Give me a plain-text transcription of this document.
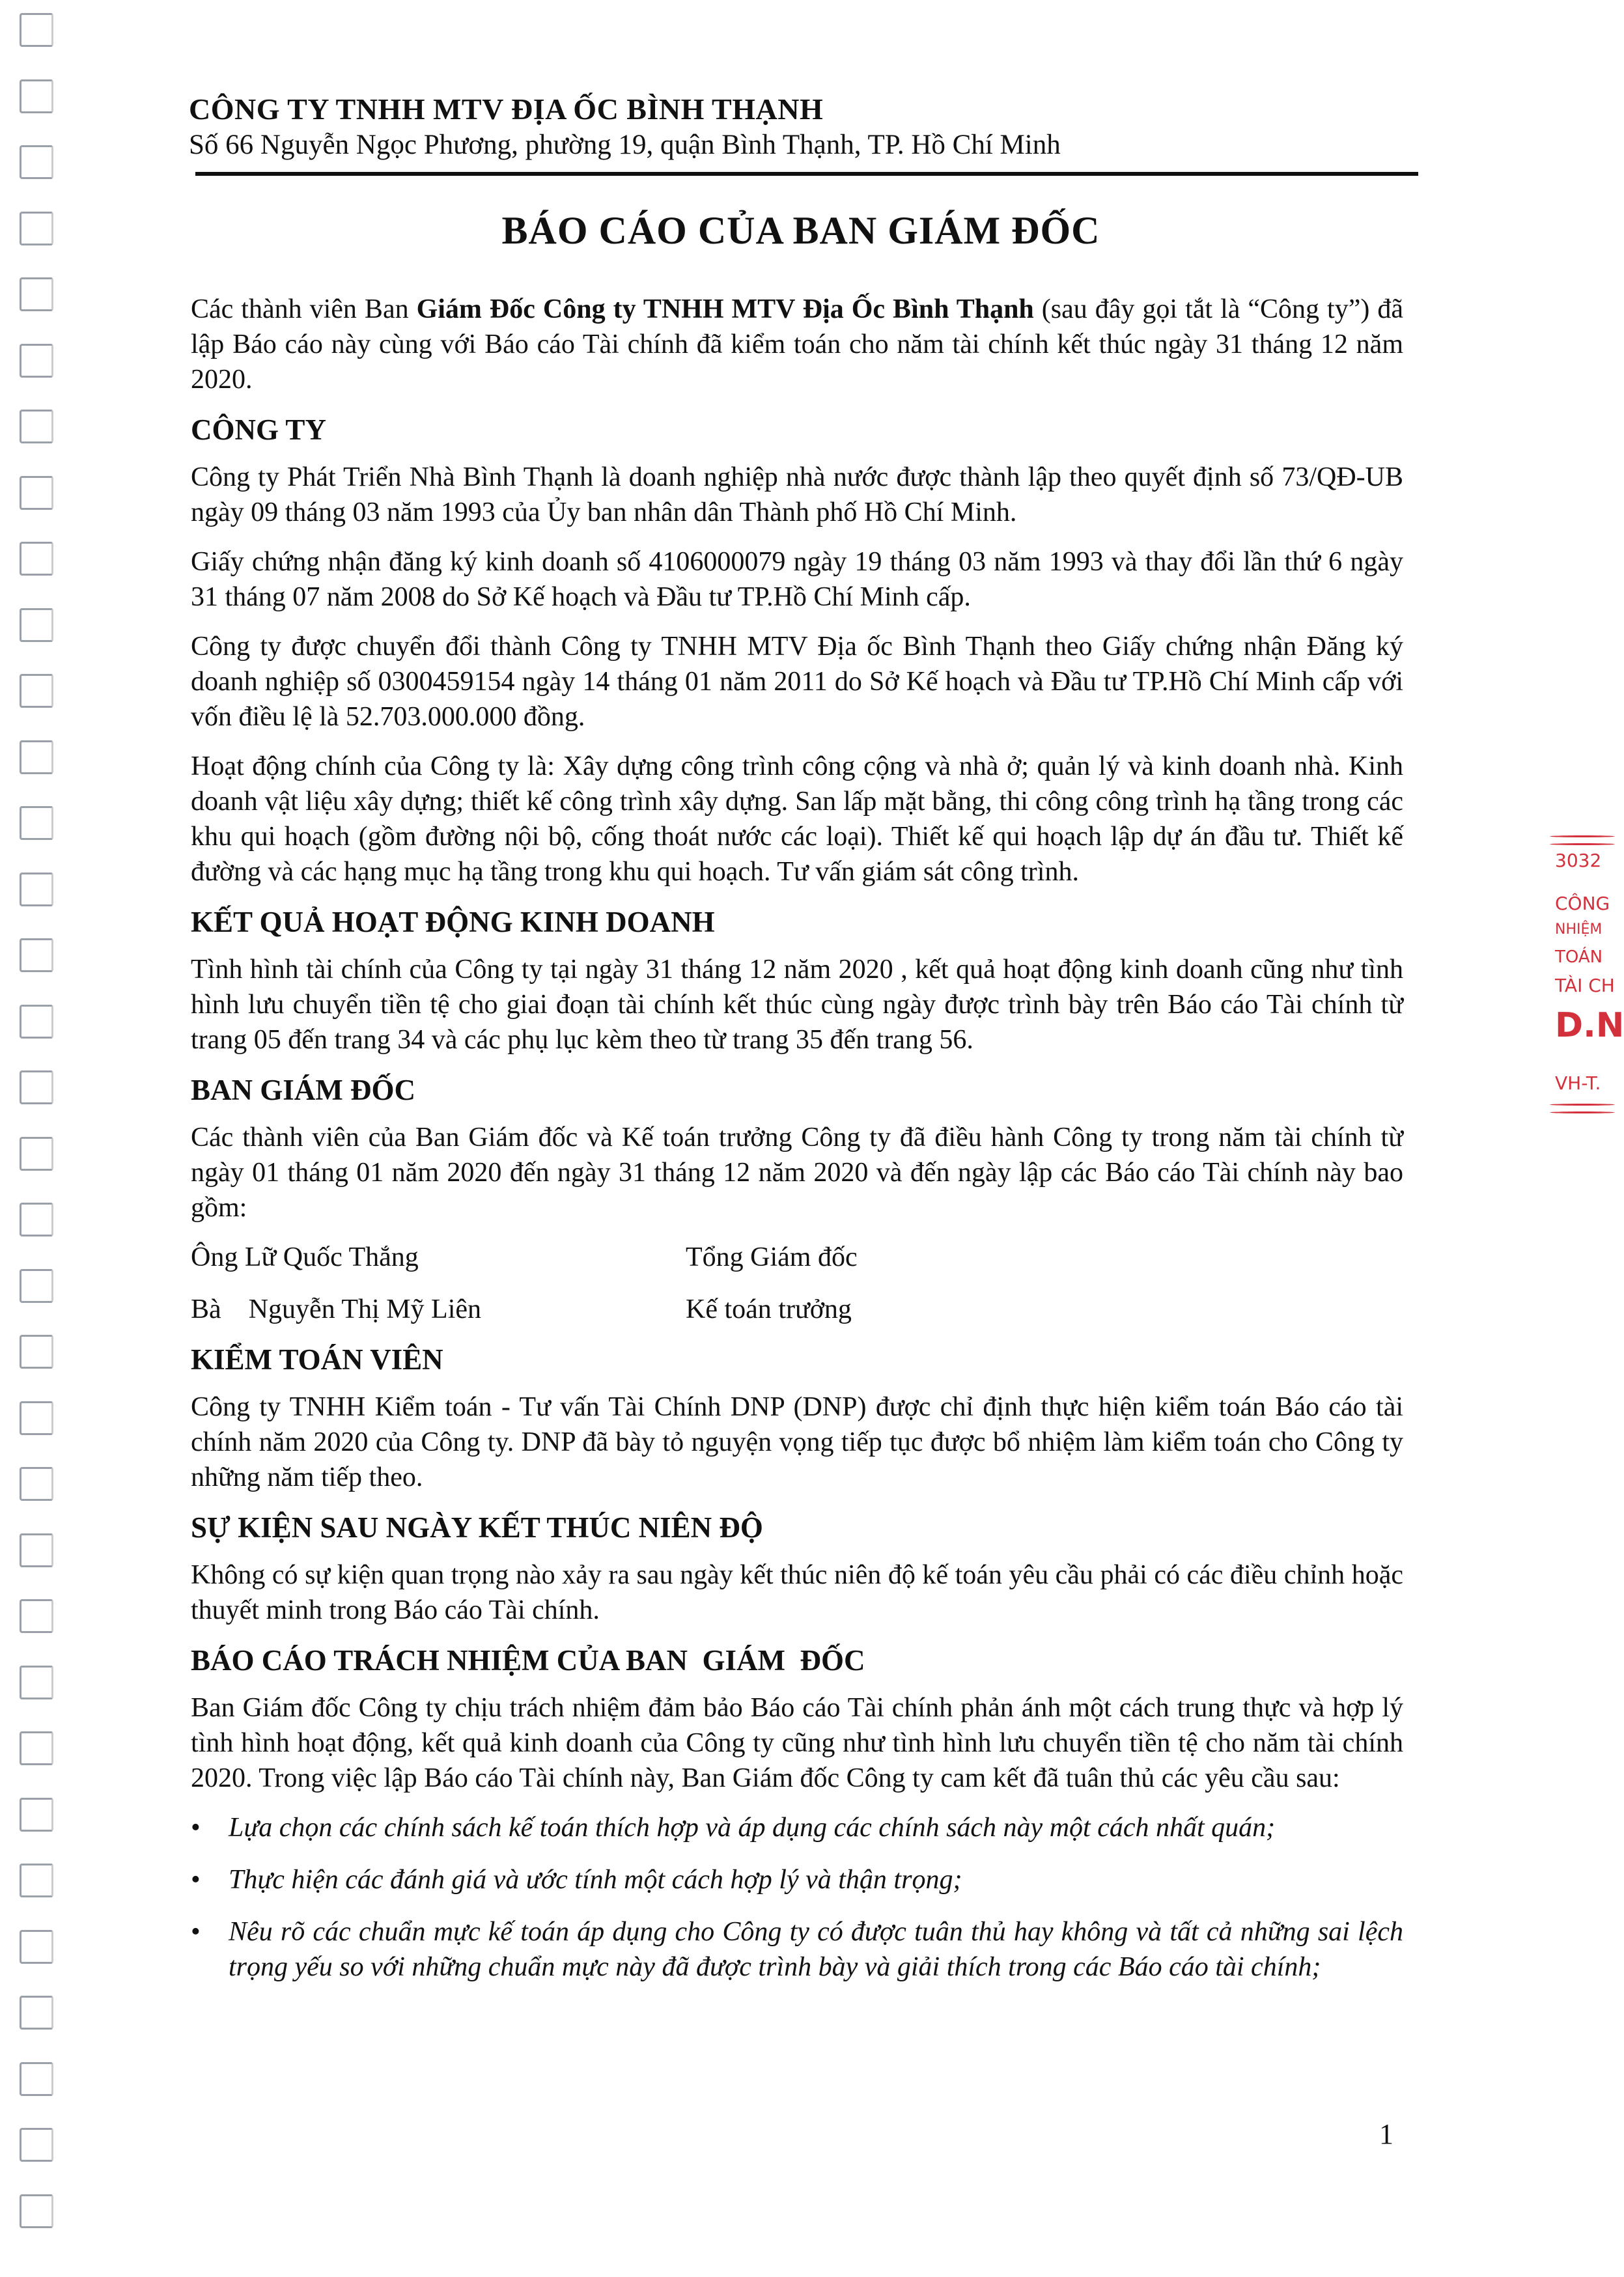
CÔNG TY TNHH MTV ĐỊA ỐC BÌNH THẠNH
Số 66 Nguyễn Ngọc Phương, phường 19, quận Bình Thạnh, TP. Hồ Chí Minh
BÁO CÁO CỦA BAN GIÁM ĐỐC

Các thành viên Ban Giám Đốc Công ty TNHH MTV Địa Ốc Bình Thạnh (sau đây gọi tắt là “Công ty”) đã lập Báo cáo này cùng với Báo cáo Tài chính đã kiểm toán cho năm tài chính kết thúc ngày 31 tháng 12 năm 2020.

CÔNG TY

Công ty Phát Triển Nhà Bình Thạnh là doanh nghiệp nhà nước được thành lập theo quyết định số 73/QĐ-UB ngày 09 tháng 03 năm 1993 của Ủy ban nhân dân Thành phố Hồ Chí Minh.

Giấy chứng nhận đăng ký kinh doanh số 4106000079 ngày 19 tháng 03 năm 1993 và thay đổi lần thứ 6 ngày 31 tháng 07 năm 2008 do Sở Kế hoạch và Đầu tư TP.Hồ Chí Minh cấp.

Công ty được chuyển đổi thành Công ty TNHH MTV Địa ốc Bình Thạnh theo Giấy chứng nhận Đăng ký doanh nghiệp số 0300459154 ngày 14 tháng 01 năm 2011 do Sở Kế hoạch và Đầu tư TP.Hồ Chí Minh cấp với vốn điều lệ là 52.703.000.000 đồng.

Hoạt động chính của Công ty là: Xây dựng công trình công cộng và nhà ở; quản lý và kinh doanh nhà. Kinh doanh vật liệu xây dựng; thiết kế công trình xây dựng. San lấp mặt bằng, thi công công trình hạ tầng trong các khu qui hoạch (gồm đường nội bộ, cống thoát nước các loại). Thiết kế qui hoạch lập dự án đầu tư. Thiết kế đường và các hạng mục hạ tầng trong khu qui hoạch. Tư vấn giám sát công trình.

KẾT QUẢ HOẠT ĐỘNG KINH DOANH

Tình hình tài chính của Công ty tại ngày 31 tháng 12 năm 2020 , kết quả hoạt động kinh doanh cũng như tình hình lưu chuyển tiền tệ cho giai đoạn tài chính kết thúc cùng ngày được trình bày trên Báo cáo Tài chính từ trang 05 đến trang 34 và các phụ lục kèm theo từ trang 35 đến trang 56.

BAN GIÁM ĐỐC

Các thành viên của Ban Giám đốc và Kế toán trưởng Công ty đã điều hành Công ty trong năm tài chính từ ngày 01 tháng 01 năm 2020 đến ngày 31 tháng 12 năm 2020 và đến ngày lập các Báo cáo Tài chính này bao gồm:

Ông Lữ Quốc Thắng	Tổng Giám đốc
Bà    Nguyễn Thị Mỹ Liên	Kế toán trưởng
KIỂM TOÁN VIÊN

Công ty TNHH Kiểm toán - Tư vấn Tài Chính DNP (DNP) được chỉ định thực hiện kiểm toán Báo cáo tài chính năm 2020 của Công ty. DNP đã bày tỏ nguyện vọng tiếp tục được bổ nhiệm làm kiểm toán cho Công ty những năm tiếp theo.

SỰ KIỆN SAU NGÀY KẾT THÚC NIÊN ĐỘ

Không có sự kiện quan trọng nào xảy ra sau ngày kết thúc niên độ kế toán yêu cầu phải có các điều chỉnh hoặc thuyết minh trong Báo cáo Tài chính.

BÁO CÁO TRÁCH NHIỆM CỦA BAN  GIÁM  ĐỐC

Ban Giám đốc Công ty chịu trách nhiệm đảm bảo Báo cáo Tài chính phản ánh một cách trung thực và hợp lý tình hình hoạt động, kết quả kinh doanh của Công ty cũng như tình hình lưu chuyển tiền tệ cho năm tài chính 2020. Trong việc lập Báo cáo Tài chính này, Ban Giám đốc Công ty cam kết đã tuân thủ các yêu cầu sau:

• Lựa chọn các chính sách kế toán thích hợp và áp dụng các chính sách này một cách nhất quán;
• Thực hiện các đánh giá và ước tính một cách hợp lý và thận trọng;
• Nêu rõ các chuẩn mực kế toán áp dụng cho Công ty có được tuân thủ hay không và tất cả những sai lệch trọng yếu so với những chuẩn mực này đã được trình bày và giải thích trong các Báo cáo tài chính;
3032
CÔNG
NHIỆM
TOÁN
TÀI CH
D.N
VH-T.
1
